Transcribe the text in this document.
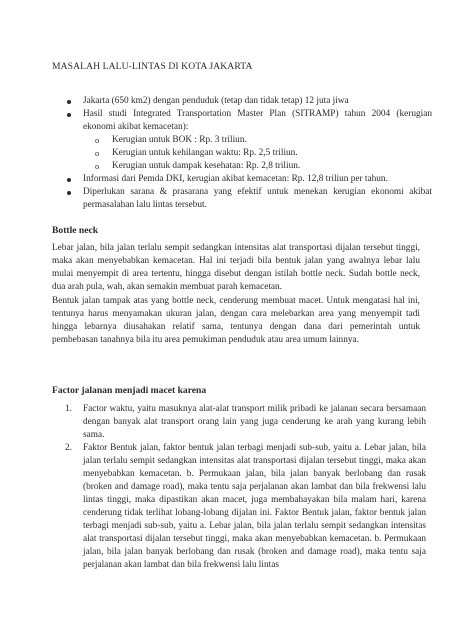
MASALAH LALU-LINTAS DI KOTA JAKARTA
Jakarta (650 km2) dengan penduduk (tetap dan tidak tetap) 12 juta jiwa
Hasil studi Integrated Transportation Master Plan (SITRAMP) tahun 2004 (kerugian ekonomi akibat kemacetan):
o Kerugian untuk BOK : Rp. 3 triliun.
o Kerugian untuk kehilangan waktu: Rp. 2,5 triliun.
o Kerugian untuk dampak kesehatan: Rp. 2,8 triliun.
Informasi dari Pemda DKI, kerugian akibat kemacetan: Rp. 12,8 triliun per tahun.
Diperlukan sarana & prasarana yang efektif untuk menekan kerugian ekonomi akibat permasalahan lalu lintas tersebut.
Bottle neck

Lebar jalan, bila jalan terlalu sempit sedangkan intensitas alat transportasi dijalan tersebut tinggi, maka akan menyebabkan kemacetan. Hal ini terjadi bila bentuk jalan yang awalnya lebar lalu mulai menyempit di area tertentu, hingga disebut dengan istilah bottle neck. Sudah bottle neck, dua arah pula, wah, akan semakin membuat parah kemacetan.

Bentuk jalan tampak atas yang bottle neck, cenderung membuat macet. Untuk mengatasi hal ini, tentunya harus menyamakan ukuran jalan, dengan cara melebarkan area yang menyempit tadi hingga lebarnya diusahakan relatif sama, tentunya dengan dana dari pemerintah untuk pembebasan tanahnya bila itu area pemukiman penduduk atau area umum lainnya.

Factor jalanan menjadi macet karena
1. Factor waktu, yaitu masuknya alat-alat transport milik pribadi ke jalanan secara bersamaan dengan banyak alat transport orang lain yang juga cenderung ke arah yang kurang lebih sama.
2. Faktor Bentuk jalan, faktor bentuk jalan terbagi menjadi sub-sub, yaitu a. Lebar jalan, bila jalan terlalu sempit sedangkan intensitas alat transportasi dijalan tersebut tinggi, maka akan menyebabkan kemacetan. b. Permukaan jalan, bila jalan banyak berlobang dan rusak (broken and damage road), maka tentu saja perjalanan akan lambat dan bila frekwensi lalu lintas tinggi, maka dipastikan akan macet, juga membahayakan bila malam hari, karena cenderung tidak terlihat lobang-lobang dijalan ini. Faktor Bentuk jalan, faktor bentuk jalan terbagi menjadi sub-sub, yaitu a. Lebar jalan, bila jalan terlalu sempit sedangkan intensitas alat transportasi dijalan tersebut tinggi, maka akan menyebabkan kemacetan. b. Permukaan jalan, bila jalan banyak berlobang dan rusak (broken and damage road), maka tentu saja perjalanan akan lambat dan bila frekwensi lalu lintas
